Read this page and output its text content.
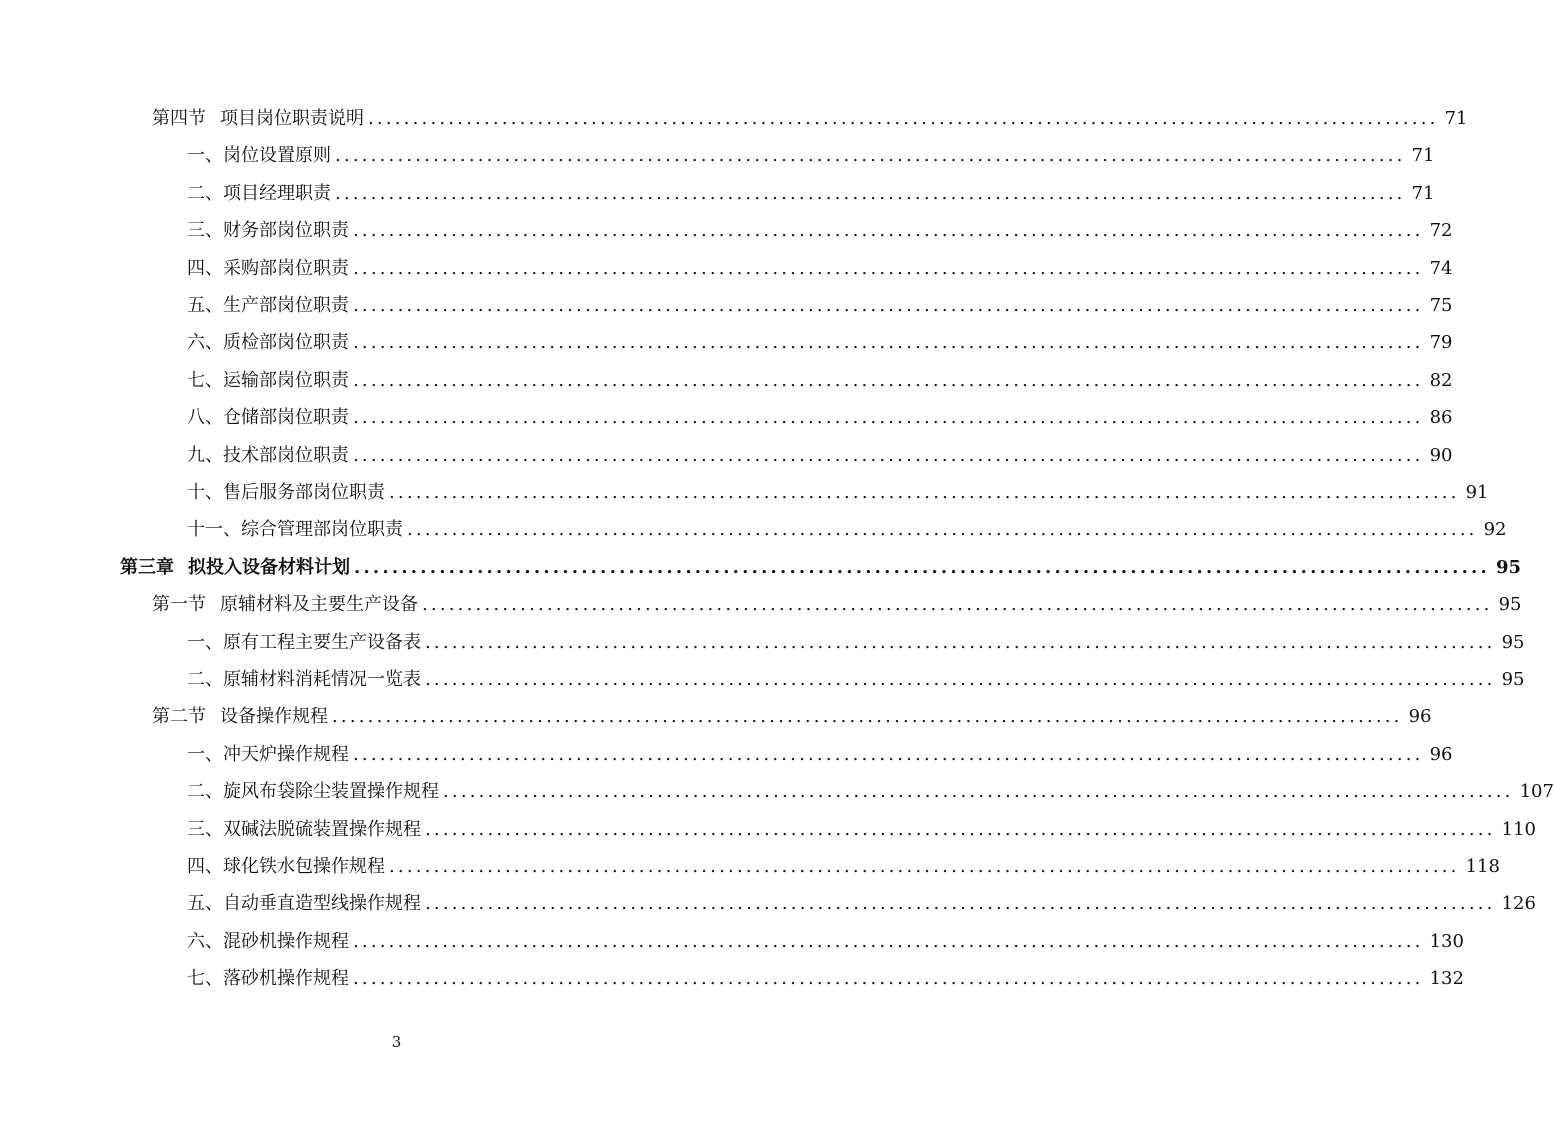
第四节 项目岗位职责说明 ........................................................................................................................ 71
一、岗位设置原则 ........................................................................................................................ 71
二、项目经理职责 ........................................................................................................................ 71
三、财务部岗位职责 ........................................................................................................................ 72
四、采购部岗位职责 ........................................................................................................................ 74
五、生产部岗位职责 ........................................................................................................................ 75
六、质检部岗位职责 ........................................................................................................................ 79
七、运输部岗位职责 ........................................................................................................................ 82
八、仓储部岗位职责 ........................................................................................................................ 86
九、技术部岗位职责 ........................................................................................................................ 90
十、售后服务部岗位职责 ........................................................................................................................ 91
十一、综合管理部岗位职责 ........................................................................................................................ 92
第三章 拟投入设备材料计划 ........................................................................................................................ 95
第一节 原辅材料及主要生产设备 ........................................................................................................................ 95
一、原有工程主要生产设备表 ........................................................................................................................ 95
二、原辅材料消耗情况一览表 ........................................................................................................................ 95
第二节 设备操作规程 ........................................................................................................................ 96
一、冲天炉操作规程 ........................................................................................................................ 96
二、旋风布袋除尘装置操作规程 ........................................................................................................................ 107
三、双碱法脱硫装置操作规程 ........................................................................................................................ 110
四、球化铁水包操作规程 ........................................................................................................................ 118
五、自动垂直造型线操作规程 ........................................................................................................................ 126
六、混砂机操作规程 ........................................................................................................................ 130
七、落砂机操作规程 ........................................................................................................................ 132
3
